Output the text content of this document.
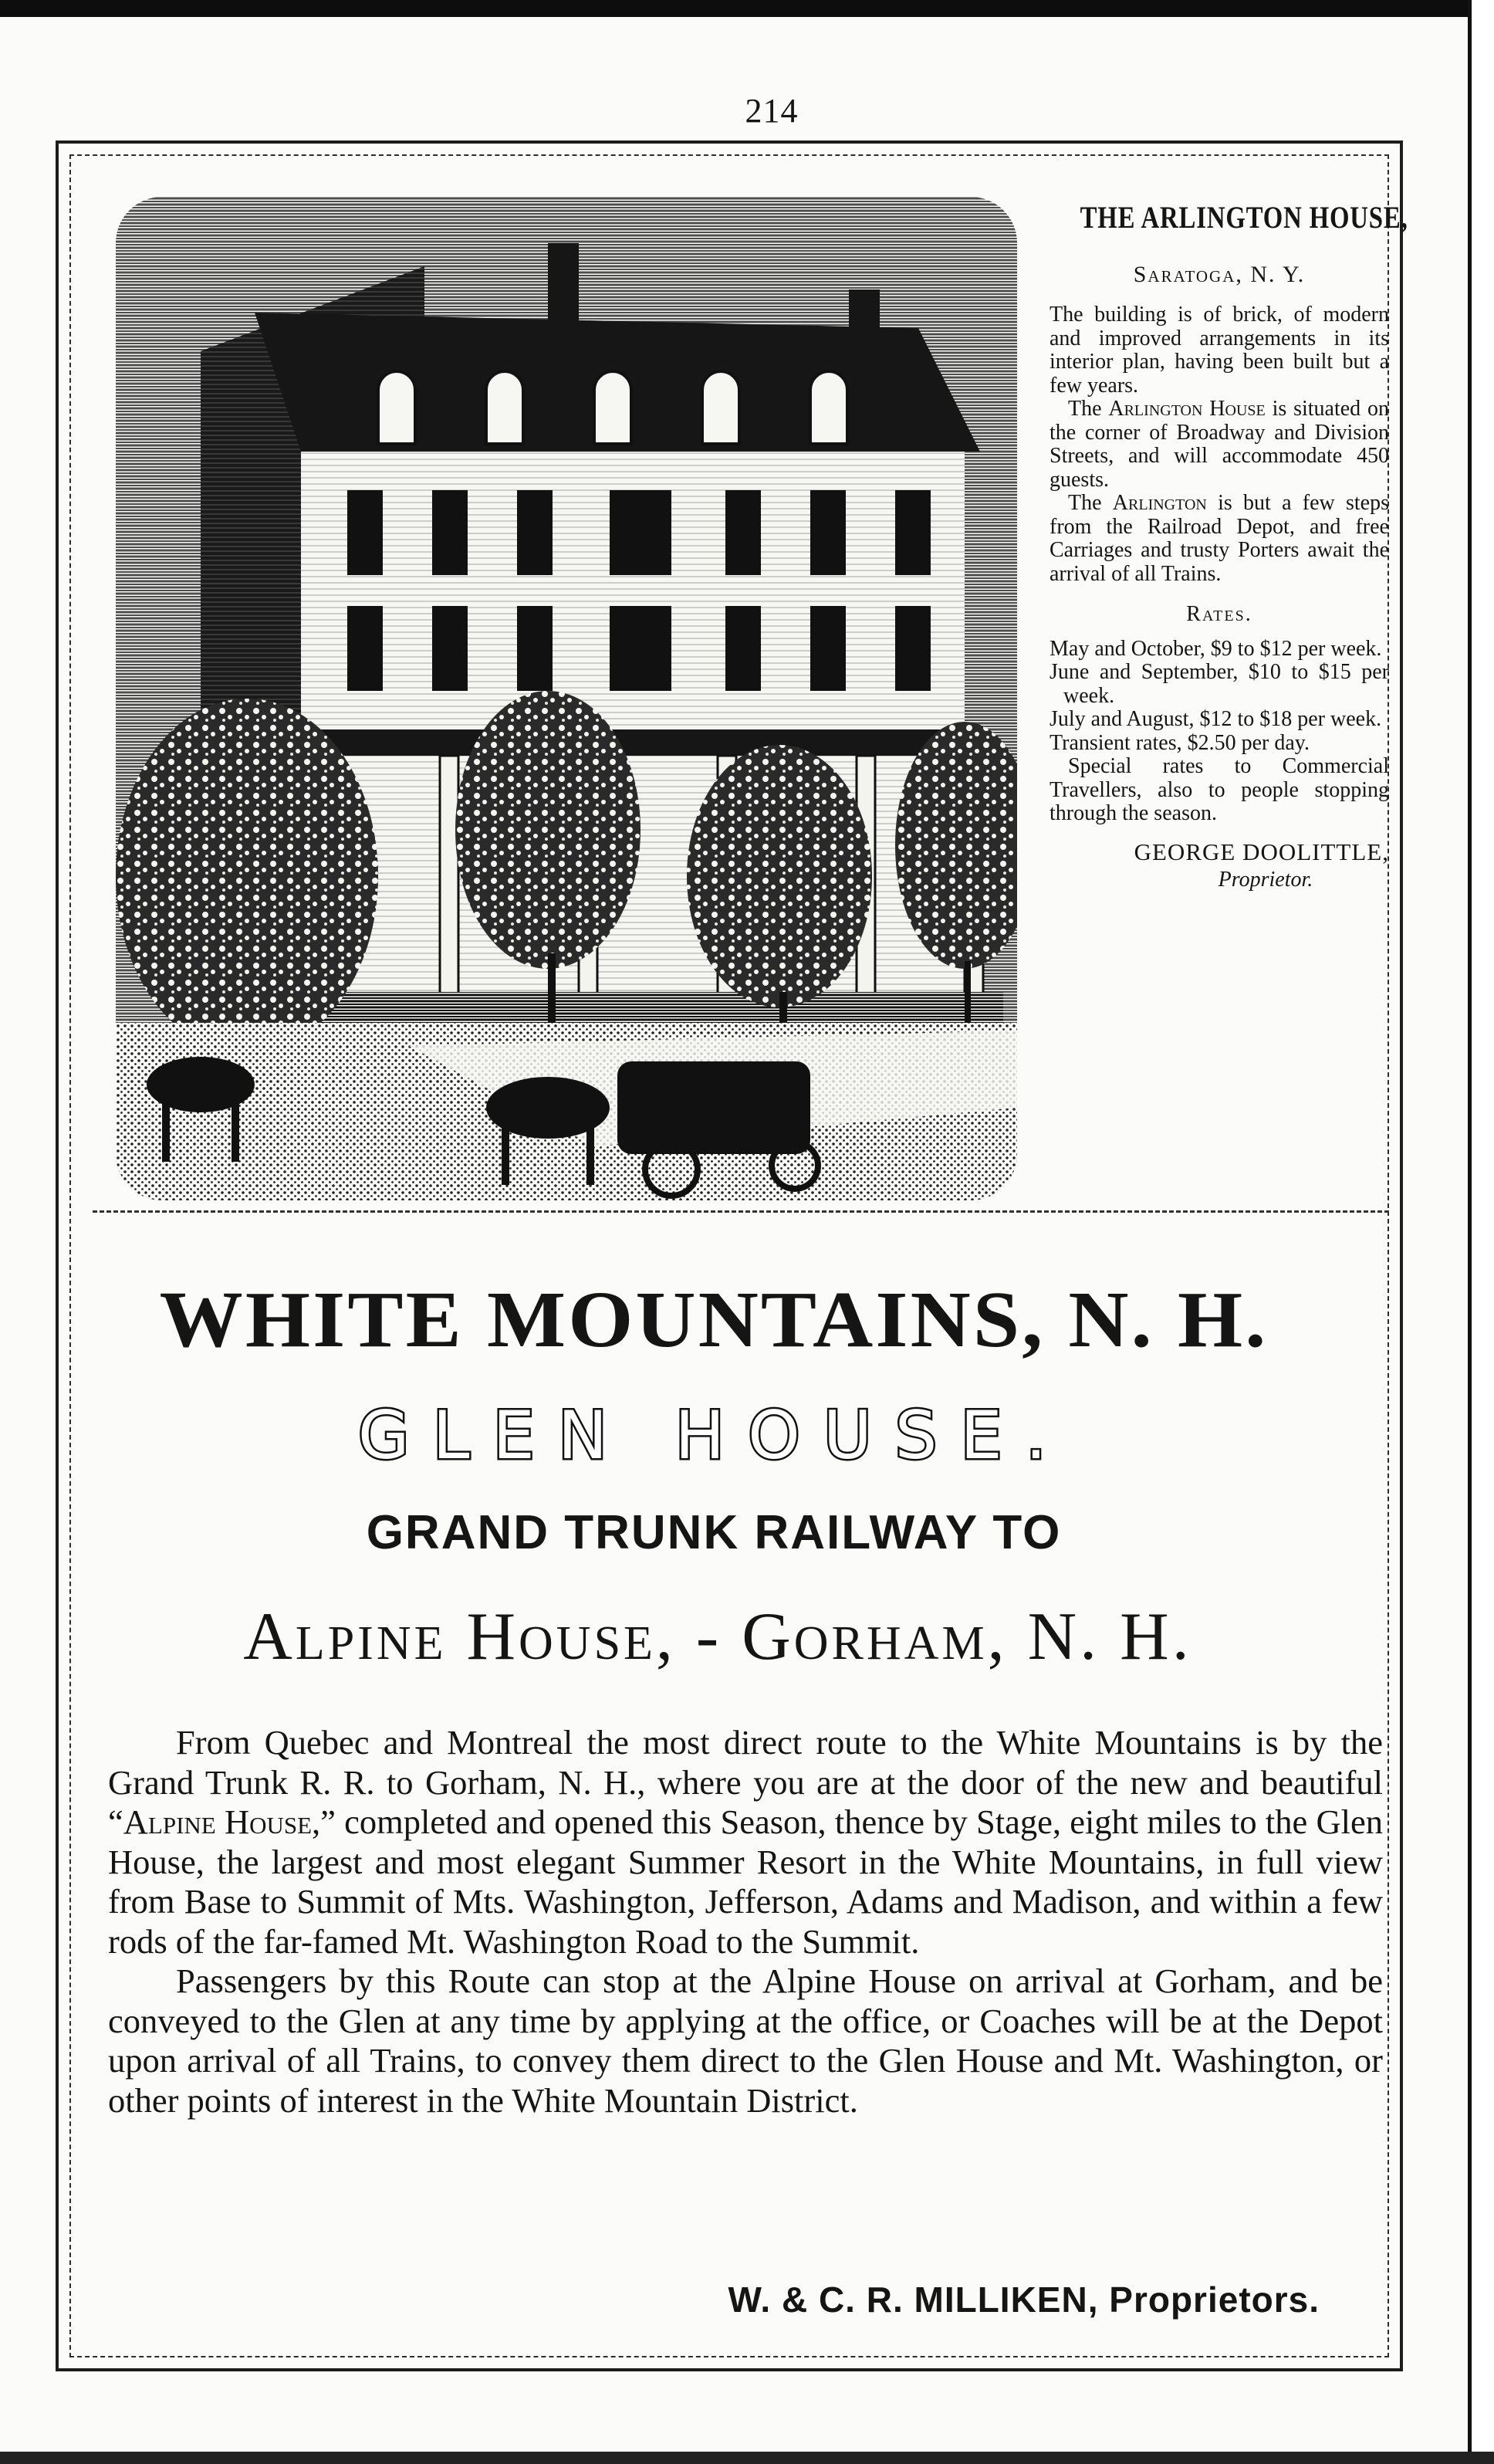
214
THE ARLINGTON HOUSE,
Saratoga, N. Y.

The building is of brick, of modern and improved arrangements in its interior plan, having been built but a few years.

The Arlington House is situated on the corner of Broadway and Division Streets, and will accommodate 450 guests.

The Arlington is but a few steps from the Railroad Depot, and free Carriages and trusty Porters await the arrival of all Trains.

Rates.

May and October, $9 to $12 per week.

June and September, $10 to $15 per week.

July and August, $12 to $18 per week.

Transient rates, $2.50 per day.

Special rates to Commercial Travellers, also to people stopping through the season.

GEORGE DOOLITTLE,
Proprietor.
WHITE MOUNTAINS, N. H.
GLEN HOUSE.
GRAND TRUNK RAILWAY TO
Alpine House, - Gorham, N. H.

From Quebec and Montreal the most direct route to the White Mountains is by the Grand Trunk R. R. to Gorham, N. H., where you are at the door of the new and beautiful “Alpine House,” completed and opened this Season, thence by Stage, eight miles to the Glen House, the largest and most elegant Summer Resort in the White Mountains, in full view from Base to Summit of Mts. Washington, Jefferson, Adams and Madison, and within a few rods of the far-famed Mt. Washington Road to the Summit.

Passengers by this Route can stop at the Alpine House on arrival at Gorham, and be conveyed to the Glen at any time by applying at the office, or Coaches will be at the Depot upon arrival of all Trains, to convey them direct to the Glen House and Mt. Washington, or other points of interest in the White Mountain District.

W. & C. R. MILLIKEN, Proprietors.
